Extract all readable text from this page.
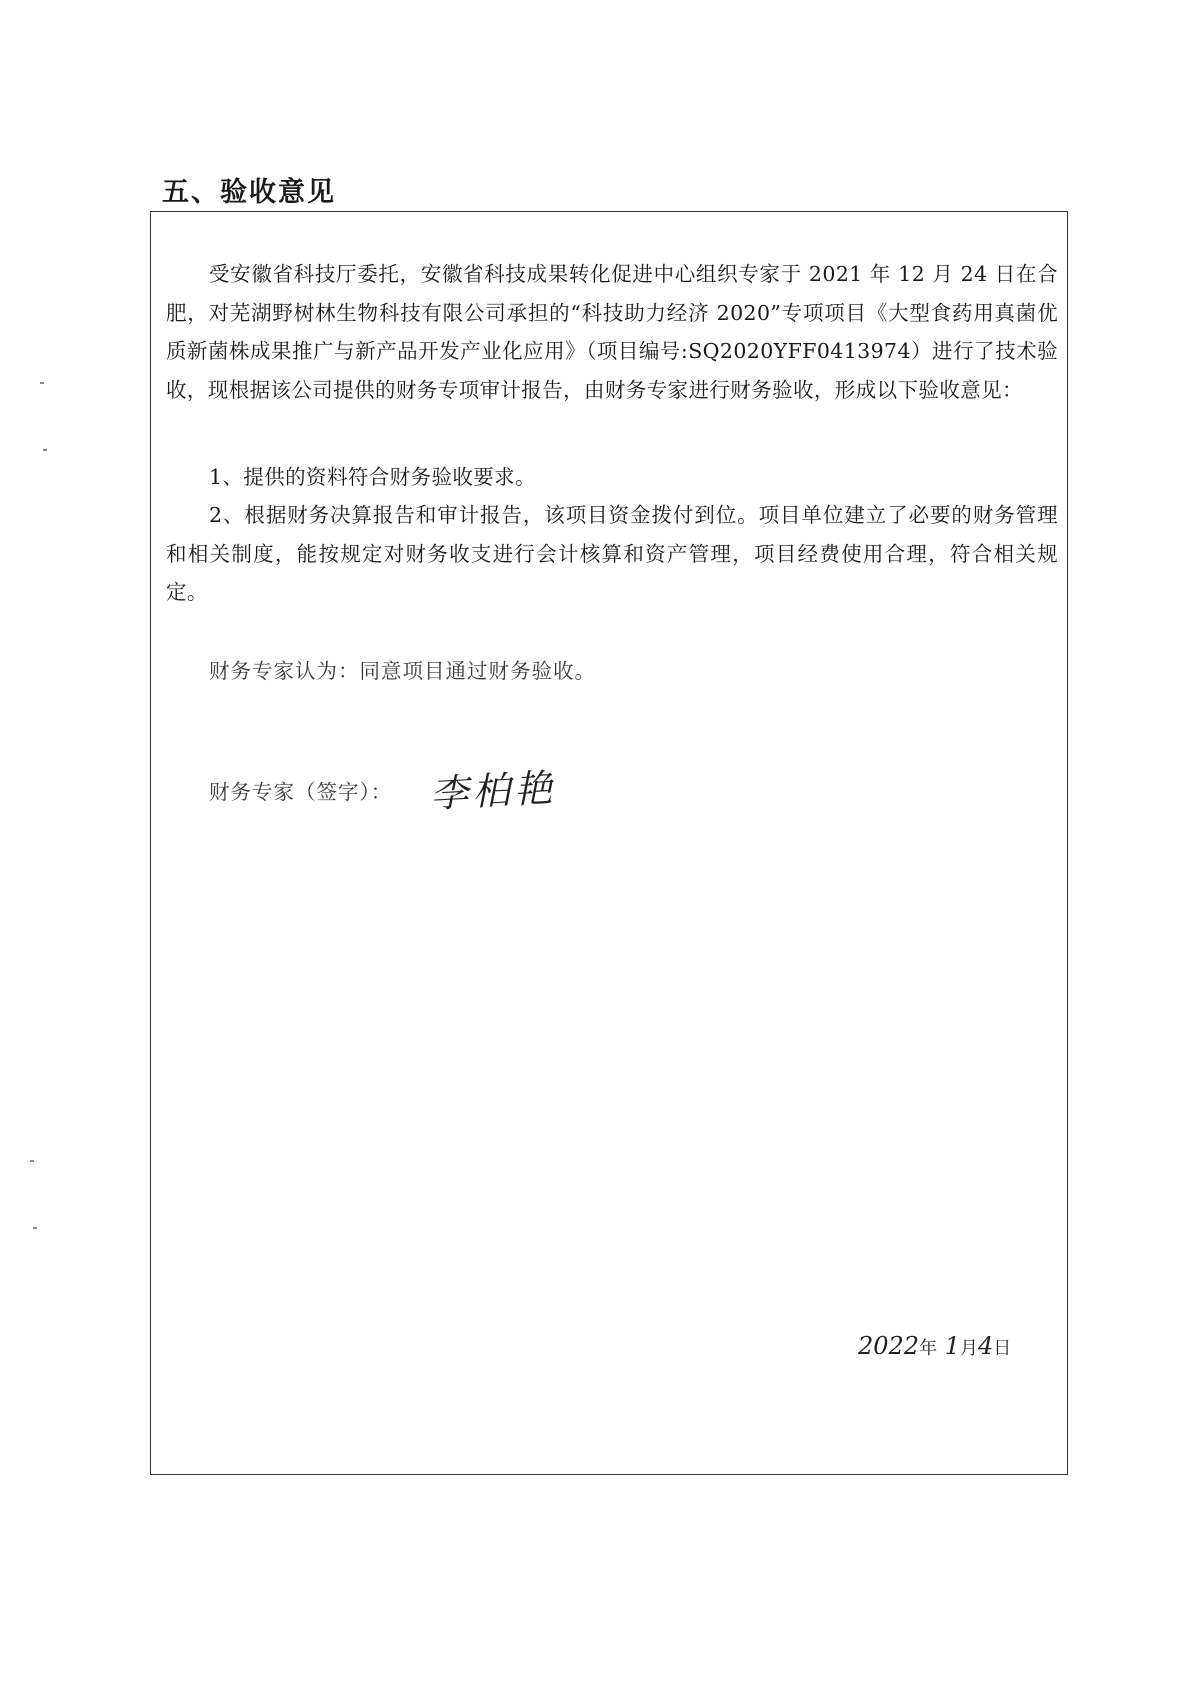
五、验收意见

受安徽省科技厅委托，安徽省科技成果转化促进中心组织专家于 2021 年 12 月 24 日在合肥，对芜湖野树林生物科技有限公司承担的“科技助力经济 2020”专项项目《大型食药用真菌优质新菌株成果推广与新产品开发产业化应用》（项目编号:SQ2020YFF0413974）进行了技术验收，现根据该公司提供的财务专项审计报告，由财务专家进行财务验收，形成以下验收意见：

1、提供的资料符合财务验收要求。

2、根据财务决算报告和审计报告，该项目资金拨付到位。项目单位建立了必要的财务管理和相关制度，能按规定对财务收支进行会计核算和资产管理，项目经费使用合理，符合相关规定。

财务专家认为：同意项目通过财务验收。
财务专家（签字）： 李柏艳
2022年 1月4日
